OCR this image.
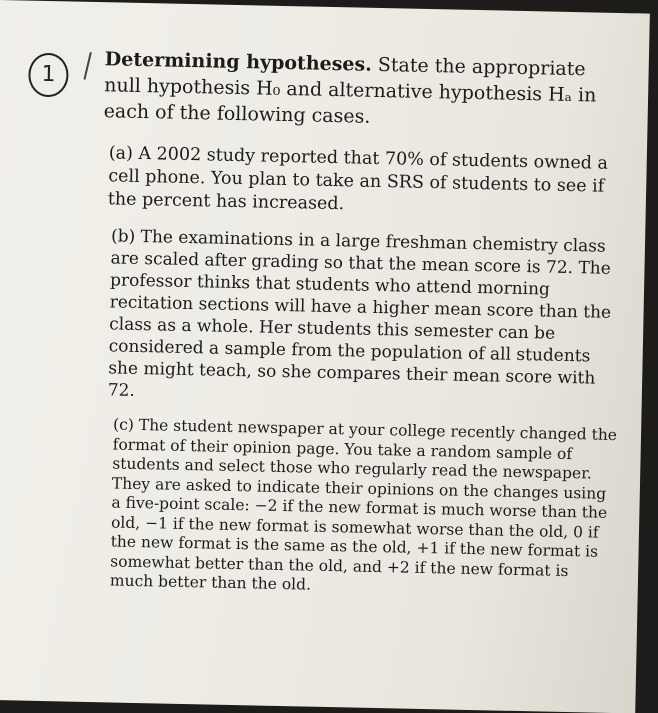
1	Determining hypotheses. State the appropriate null hypothesis H₀ and alternative hypothesis Hₐ in each of the following cases.

(a) A 2002 study reported that 70% of students owned a cell phone. You plan to take an SRS of students to see if the percent has increased.

(b) The examinations in a large freshman chemistry class are scaled after grading so that the mean score is 72. The professor thinks that students who attend morning recitation sections will have a higher mean score than the class as a whole. Her students this semester can be considered a sample from the population of all students she might teach, so she compares their mean score with 72.

(c) The student newspaper at your college recently changed the format of their opinion page. You take a random sample of students and select those who regularly read the newspaper. They are asked to indicate their opinions on the changes using a five-point scale: −2 if the new format is much worse than the old, −1 if the new format is somewhat worse than the old, 0 if the new format is the same as the old, +1 if the new format is somewhat better than the old, and +2 if the new format is much better than the old.
